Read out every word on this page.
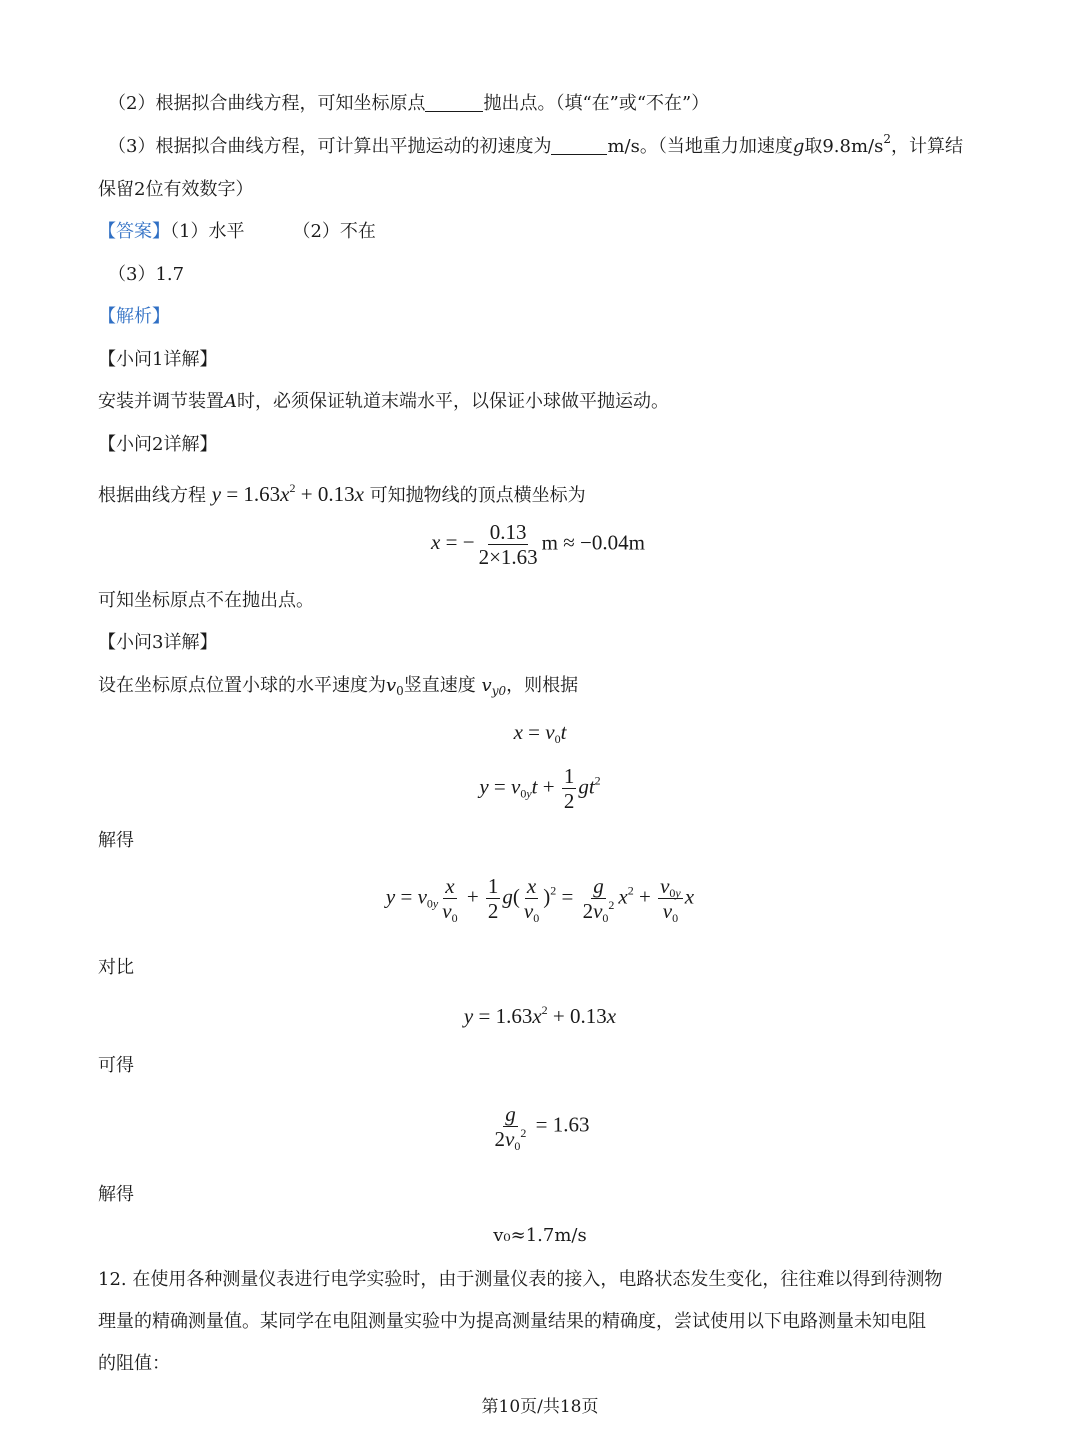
（2）根据拟合曲线方程，可知坐标原点	抛出点。（填“在”或“不在”）
（3）根据拟合曲线方程，可计算出平抛运动的初速度为	m/s。（当地重力加速度g取$9.8m/s^2$，计算结
保留2位有效数字）
【答案】（1）水平	（2）不在
（3）1.7
【解析】
【小问1详解】
安装并调节装置A时，必须保证轨道末端水平，以保证小球做平抛运动。
【小问2详解】
根据曲线方程 $y = 1.63x^2 + 0.13x$ 可知抛物线的顶点横坐标为
x = − $\frac{0.13}{2\times 1.63}$ m ≈ −0.04m
可知坐标原点不在抛出点。
【小问3详解】
设在坐标原点位置小球的水平速度为$v_0$竖直速度 $v_{y0}$，则根据
$x = v_0t$
$y = v_{0y}t + \frac{1}{2} gt^2$
解得
$y = v_{0y} \frac{x}{v_0} + \frac{1}{2} g( \frac{x}{v_0} )^2 = \frac{g}{2v_0^2} x^2 + \frac{v_{0y}}{v_0}$ x
对比
$y = 1.63x^2 + 0.13x$
可得
$\frac{g}{2v_0^2} = 1.63$
解得
v₀≈1.7m/s
12. 在使用各种测量仪表进行电学实验时，由于测量仪表的接入，电路状态发生变化，往往难以得到待测物
理量的精确测量值。某同学在电阻测量实验中为提高测量结果的精确度，尝试使用以下电路测量未知电阻
的阻值：
第10页/共18页
